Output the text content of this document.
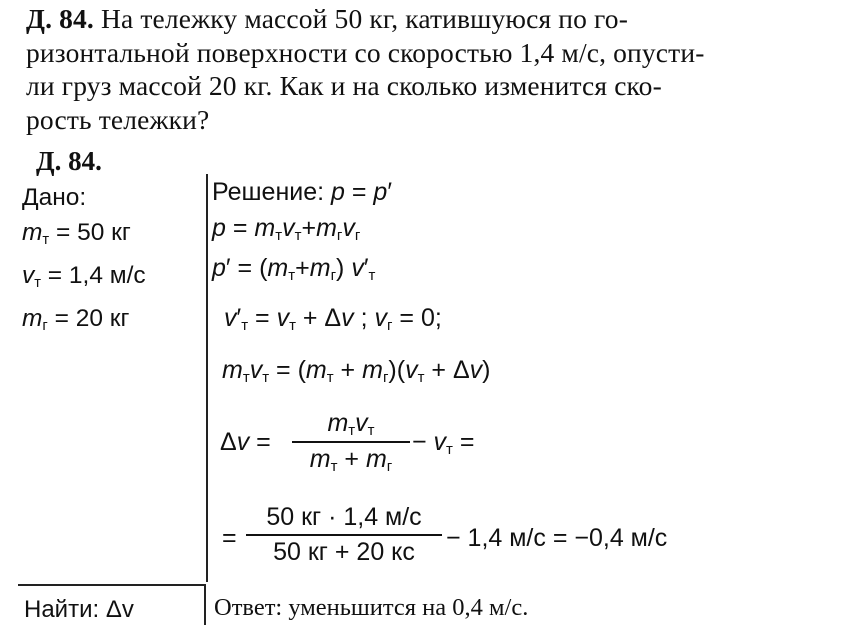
Д. 84. На тележку массой 50 кг, катившуюся по го-
ризонтальной поверхности со скоростью 1,4 м/с, опусти-
ли груз массой 20 кг. Как и на сколько изменится ско-
рость тележки?
Д. 84.
Дано:
$m_т = 50$ кг
$v_т = 1,4$ м/с
$m_г = 20$ кг
Решение: p = p′
$p = m_тv_т+m_гv_г$
$p' = (m_т+m_г)$ $v'_т$
$v'_т = v_т + \Delta v$ ; $v_г = 0$;
$m_тv_т = (m_т + m_г)(v_т + \Delta v)$
Δv =
$m_тv_т$
$m_т + m_г$
− $v_т$ =
=
50 кг · 1,4 м/с
50 кг + 20 кс	− 1,4 м/с = −0,4 м/с
Найти: Δv	Ответ: уменьшится на 0,4 м/с.
